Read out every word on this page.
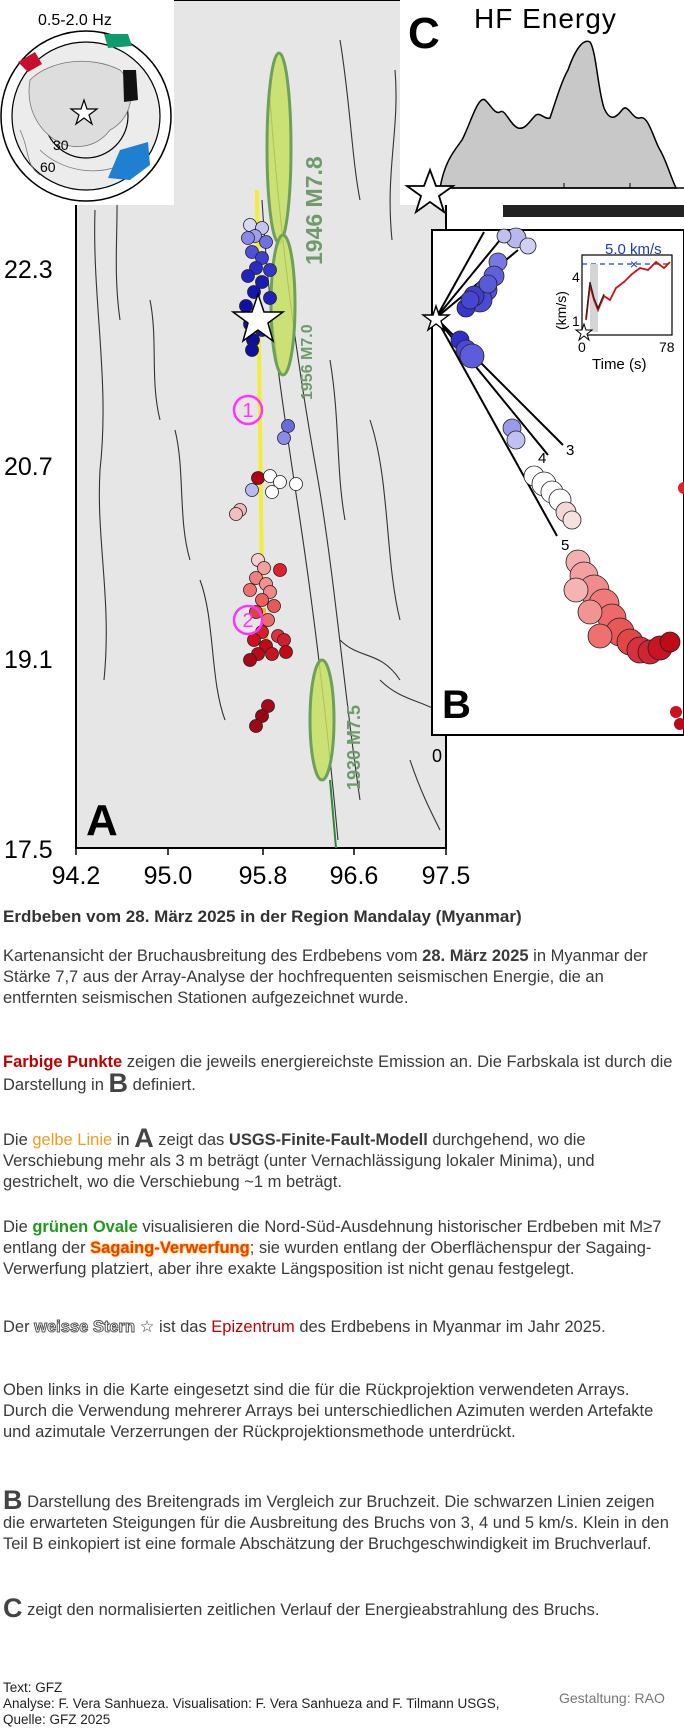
1
2
1946 M7.8
1956 M7.0
1930 M7.5
A
22.3
20.7
19.1
17.5
94.2 95.0 95.8 96.6 97.5
0.5-2.0 Hz
30
60
C HF Energy
3
4
5
B
0
×
5.0 km/s
(km/s)
4
1
0	78
Time (s)

Erdbeben vom 28. März 2025 in der Region Mandalay (Myanmar)

Kartenansicht der Bruchausbreitung des Erdbebens vom 28. März 2025 in Myanmar der Stärke 7,7 aus der Array-Analyse der hochfrequenten seismischen Energie, die an entfernten seismischen Stationen aufgezeichnet wurde.

Farbige Punkte zeigen die jeweils energiereichste Emission an. Die Farbskala ist durch die Darstellung in B definiert.

Die gelbe Linie in A zeigt das USGS-Finite-Fault-Modell durchgehend, wo die Verschiebung mehr als 3 m beträgt (unter Vernachlässigung lokaler Minima), und gestrichelt, wo die Verschiebung ~1 m beträgt.

Die grünen Ovale visualisieren die Nord-Süd-Ausdehnung historischer Erdbeben mit M≥7 entlang der Sagaing-Verwerfung; sie wurden entlang der Oberflächenspur der Sagaing-Verwerfung platziert, aber ihre exakte Längsposition ist nicht genau festgelegt.

Der weisse Stern ☆ ist das Epizentrum des Erdbebens in Myanmar im Jahr 2025.

Oben links in die Karte eingesetzt sind die für die Rückprojektion verwendeten Arrays. Durch die Verwendung mehrerer Arrays bei unterschiedlichen Azimuten werden Artefakte und azimutale Verzerrungen der Rückprojektionsmethode unterdrückt.

B Darstellung des Breitengrads im Vergleich zur Bruchzeit. Die schwarzen Linien zeigen die erwarteten Steigungen für die Ausbreitung des Bruchs von 3, 4 und 5 km/s. Klein in den Teil B einkopiert ist eine formale Abschätzung der Bruchgeschwindigkeit im Bruchverlauf.

C zeigt den normalisierten zeitlichen Verlauf der Energieabstrahlung des Bruchs.

Text: GFZ
Analyse: F. Vera Sanhueza. Visualisation: F. Vera Sanhueza and F. Tilmann USGS, Quelle: GFZ 2025
Gestaltung: RAO
